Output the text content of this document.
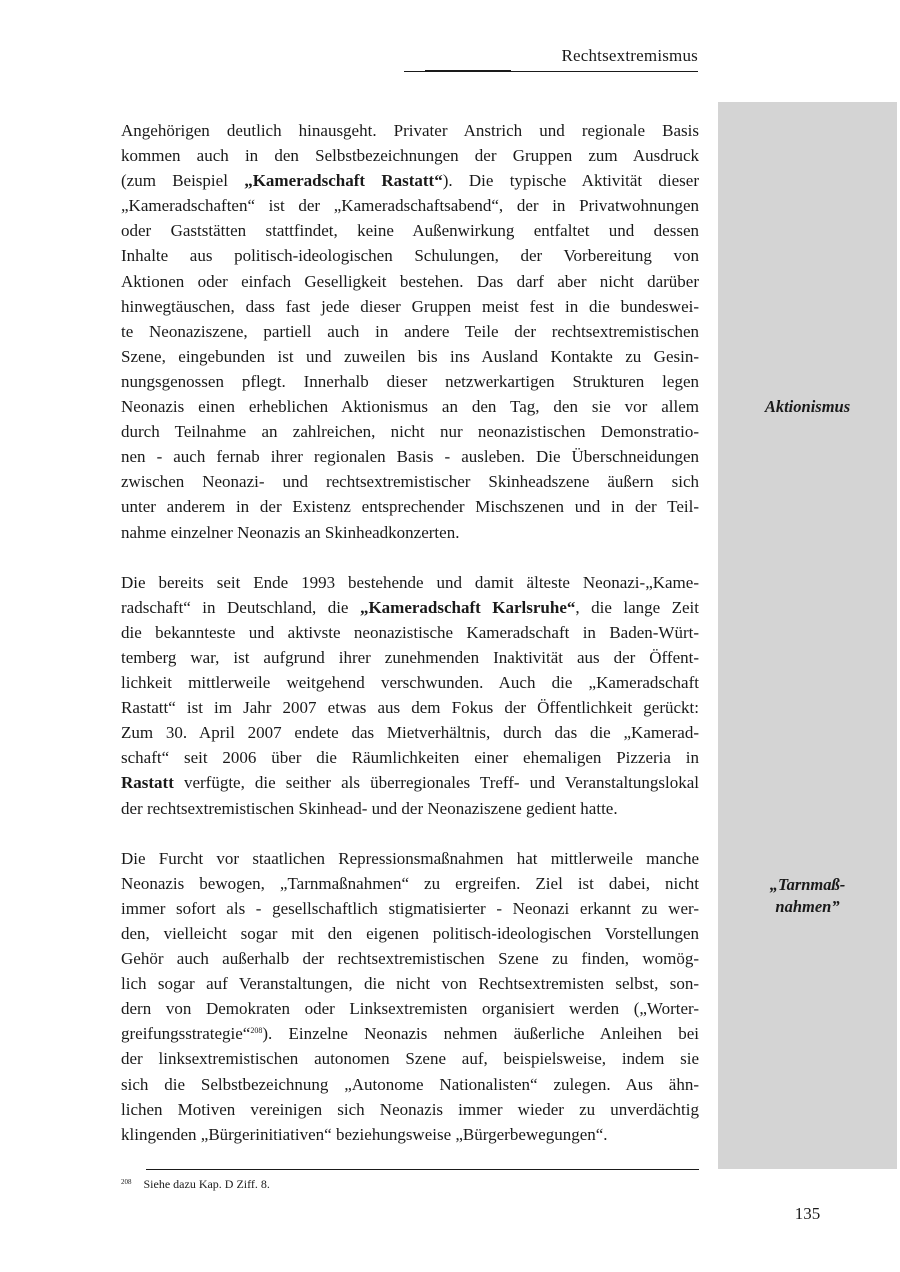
Rechtsextremismus
Aktionismus
„Tarnmaß-
nahmen”
Angehörigen deutlich hinausgeht. Privater Anstrich und regionale Basis
kommen auch in den Selbstbezeichnungen der Gruppen zum Ausdruck
(zum Beispiel „Kameradschaft Rastatt“). Die typische Aktivität dieser
„Kameradschaften“ ist der „Kameradschaftsabend“, der in Privatwohnungen
oder Gaststätten stattfindet, keine Außenwirkung entfaltet und dessen
Inhalte aus politisch-ideologischen Schulungen, der Vorbereitung von
Aktionen oder einfach Geselligkeit bestehen. Das darf aber nicht darüber
hinwegtäuschen, dass fast jede dieser Gruppen meist fest in die bundeswei-
te Neonaziszene, partiell auch in andere Teile der rechtsextremistischen
Szene, eingebunden ist und zuweilen bis ins Ausland Kontakte zu Gesin-
nungsgenossen pflegt. Innerhalb dieser netzwerkartigen Strukturen legen
Neonazis einen erheblichen Aktionismus an den Tag, den sie vor allem
durch Teilnahme an zahlreichen, nicht nur neonazistischen Demonstratio-
nen - auch fernab ihrer regionalen Basis - ausleben. Die Überschneidungen
zwischen Neonazi- und rechtsextremistischer Skinheadszene äußern sich
unter anderem in der Existenz entsprechender Mischszenen und in der Teil-
nahme einzelner Neonazis an Skinheadkonzerten.
Die bereits seit Ende 1993 bestehende und damit älteste Neonazi-„Kame-
radschaft“ in Deutschland, die „Kameradschaft Karlsruhe“, die lange Zeit
die bekannteste und aktivste neonazistische Kameradschaft in Baden-Würt-
temberg war, ist aufgrund ihrer zunehmenden Inaktivität aus der Öffent-
lichkeit mittlerweile weitgehend verschwunden. Auch die „Kameradschaft
Rastatt“ ist im Jahr 2007 etwas aus dem Fokus der Öffentlichkeit gerückt:
Zum 30. April 2007 endete das Mietverhältnis, durch das die „Kamerad-
schaft“ seit 2006 über die Räumlichkeiten einer ehemaligen Pizzeria in
Rastatt verfügte, die seither als überregionales Treff- und Veranstaltungslokal
der rechtsextremistischen Skinhead- und der Neonaziszene gedient hatte.
Die Furcht vor staatlichen Repressionsmaßnahmen hat mittlerweile manche
Neonazis bewogen, „Tarnmaßnahmen“ zu ergreifen. Ziel ist dabei, nicht
immer sofort als - gesellschaftlich stigmatisierter - Neonazi erkannt zu wer-
den, vielleicht sogar mit den eigenen politisch-ideologischen Vorstellungen
Gehör auch außerhalb der rechtsextremistischen Szene zu finden, womög-
lich sogar auf Veranstaltungen, die nicht von Rechtsextremisten selbst, son-
dern von Demokraten oder Linksextremisten organisiert werden („Worter-
greifungsstrategie“$^{208}$). Einzelne Neonazis nehmen äußerliche Anleihen bei
der linksextremistischen autonomen Szene auf, beispielsweise, indem sie
sich die Selbstbezeichnung „Autonome Nationalisten“ zulegen. Aus ähn-
lichen Motiven vereinigen sich Neonazis immer wieder zu unverdächtig
klingenden „Bürgerinitiativen“ beziehungsweise „Bürgerbewegungen“.
$^{208}$ Siehe dazu Kap. D Ziff. 8.
135
